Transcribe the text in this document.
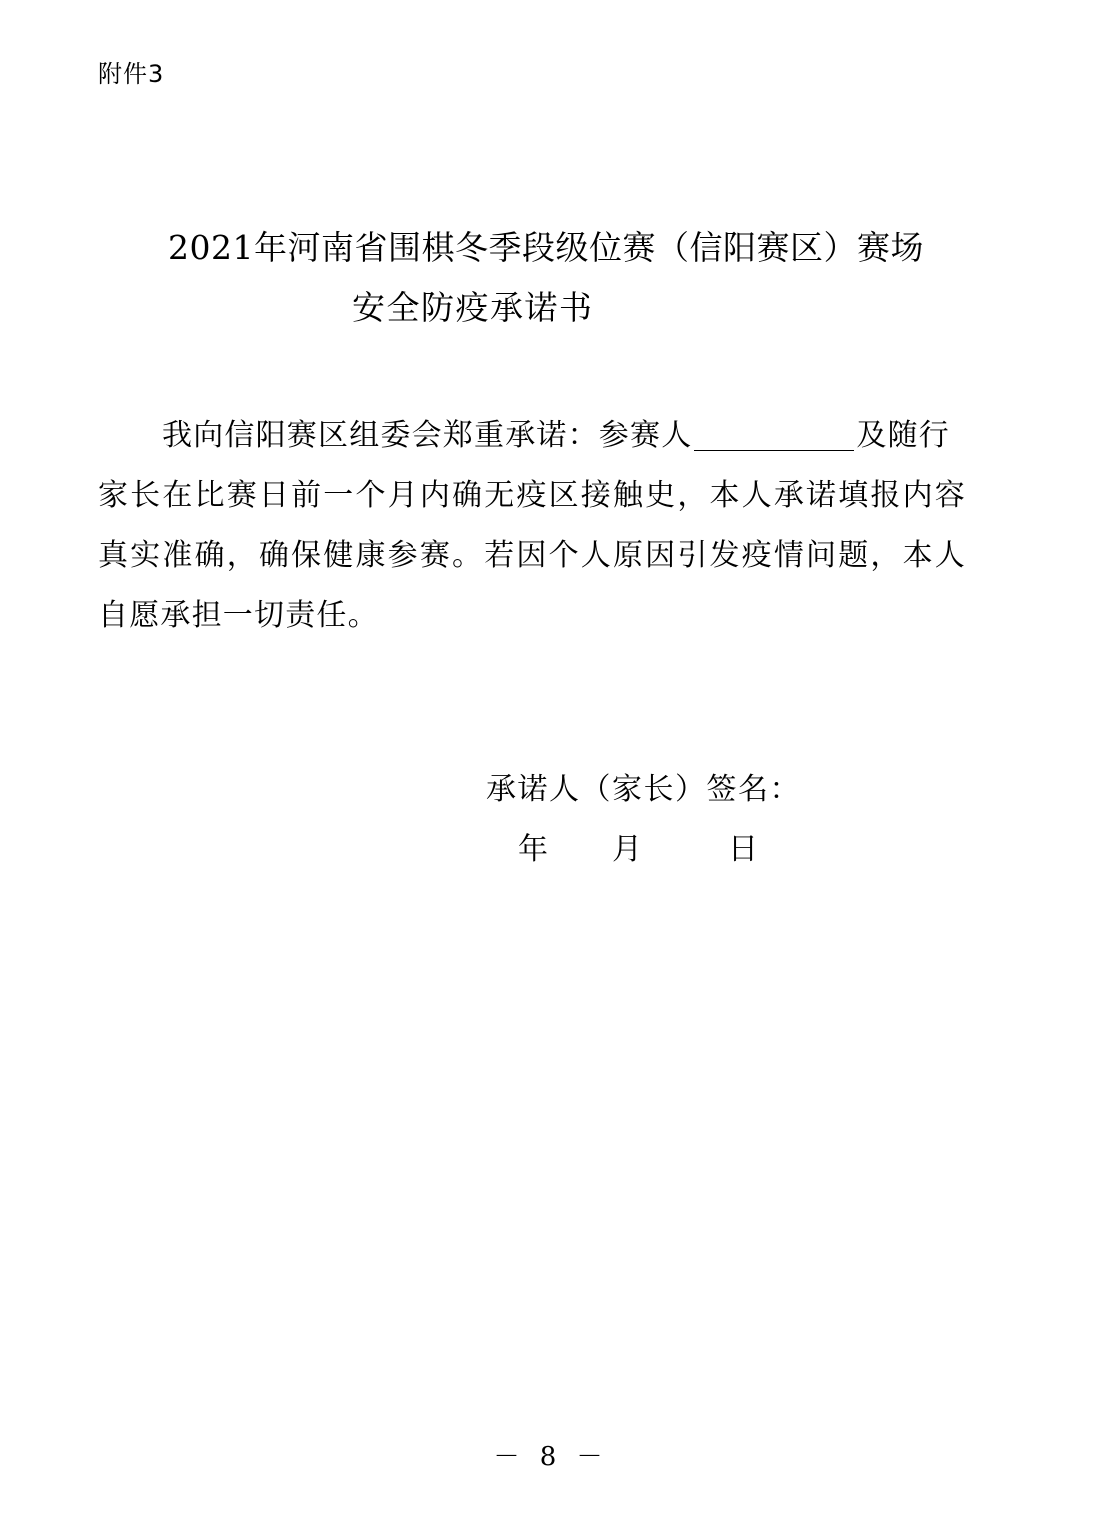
附件3
2021年河南省围棋冬季段级位赛（信阳赛区）赛场
安全防疫承诺书
我向信阳赛区组委会郑重承诺：参赛人	及随行
家长在比赛日前一个月内确无疫区接触史，本人承诺填报内容真实准确，确保健康参赛。若因个人原因引发疫情问题，本人自愿承担一切责任。
承诺人（家长）签名：
年 月	日
－ 8 －
